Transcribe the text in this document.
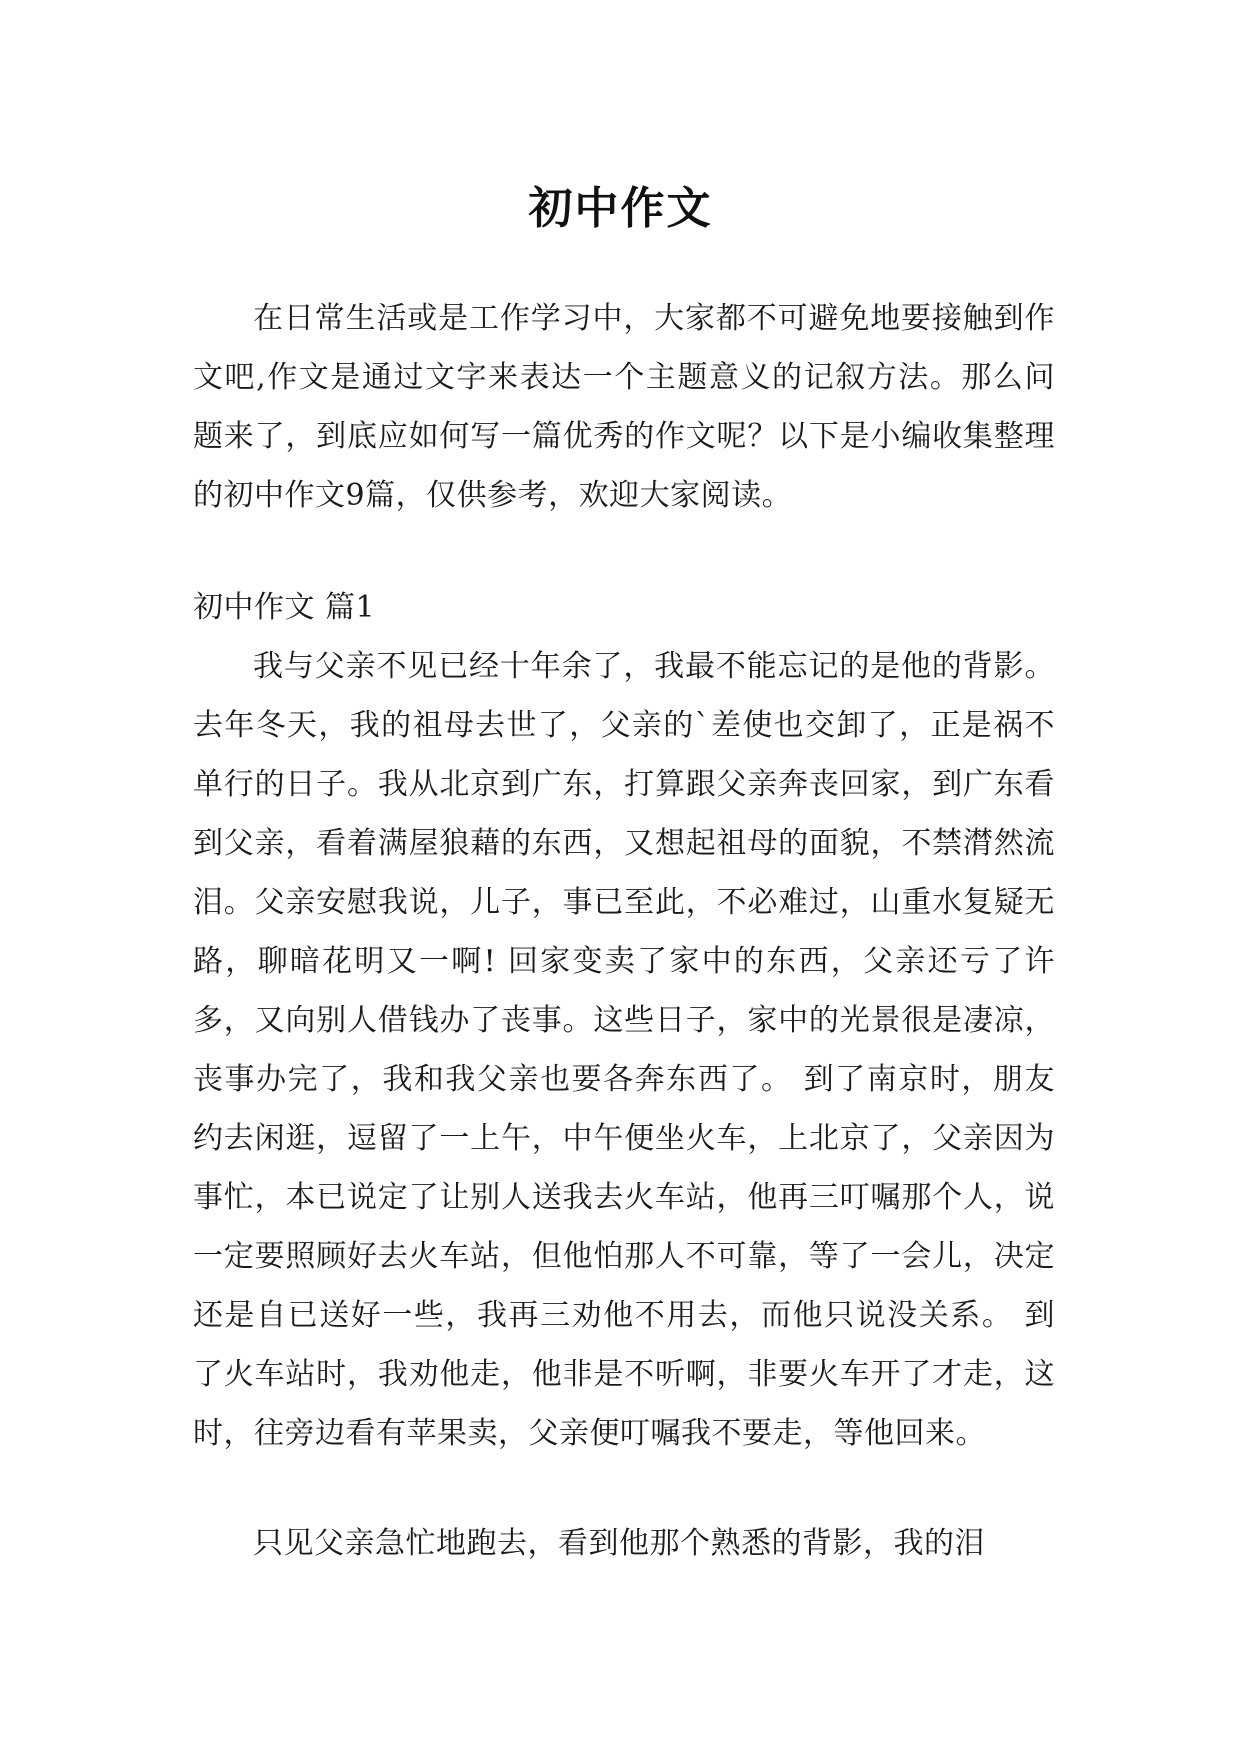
初中作文

在日常生活或是工作学习中，大家都不可避免地要接触到作文吧,作文是通过文字来表达一个主题意义的记叙方法。那么问题来了，到底应如何写一篇优秀的作文呢？以下是小编收集整理的初中作文9篇，仅供参考，欢迎大家阅读。

初中作文 篇1

我与父亲不见已经十年余了，我最不能忘记的是他的背影。 去年冬天，我的祖母去世了，父亲的`差使也交卸了，正是祸不单行的日子。我从北京到广东，打算跟父亲奔丧回家，到广东看到父亲，看着满屋狼藉的东西，又想起祖母的面貌，不禁潸然流泪。父亲安慰我说，儿子，事已至此，不必难过，山重水复疑无路，聊暗花明又一啊! 回家变卖了家中的东西，父亲还亏了许多，又向别人借钱办了丧事。这些日子，家中的光景很是凄凉，丧事办完了，我和我父亲也要各奔东西了。 到了南京时，朋友约去闲逛，逗留了一上午，中午便坐火车，上北京了，父亲因为事忙，本已说定了让别人送我去火车站，他再三叮嘱那个人，说一定要照顾好去火车站，但他怕那人不可靠，等了一会儿，决定还是自已送好一些，我再三劝他不用去，而他只说没关系。 到了火车站时，我劝他走，他非是不听啊，非要火车开了才走，这时，往旁边看有苹果卖，父亲便叮嘱我不要走，等他回来。

只见父亲急忙地跑去，看到他那个熟悉的背影，我的泪
